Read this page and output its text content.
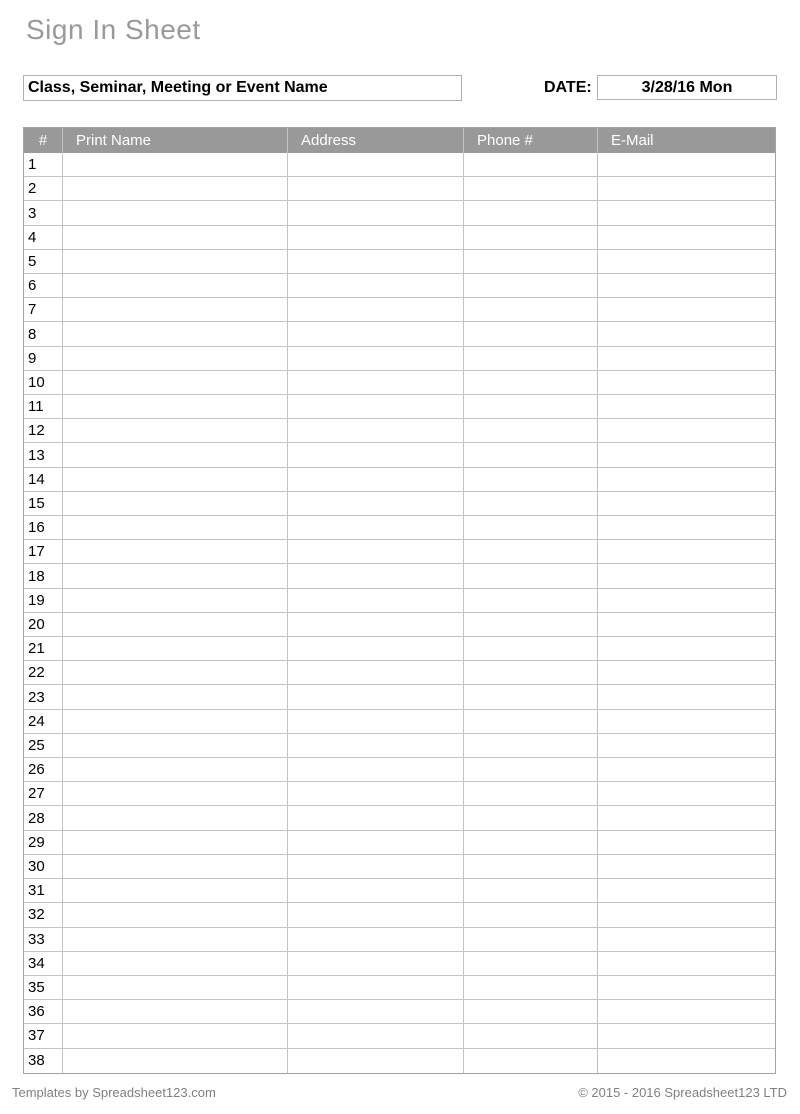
Sign In Sheet
Class, Seminar, Meeting or Event Name	DATE:	3/28/16 Mon
#	Print Name	Address	Phone #	E-Mail
1
2
3
4
5
6
7
8
9
10
11
12
13
14
15
16
17
18
19
20
21
22
23
24
25
26
27
28
29
30
31
32
33
34
35
36
37
38
Templates by Spreadsheet123.com	© 2015 - 2016 Spreadsheet123 LTD
